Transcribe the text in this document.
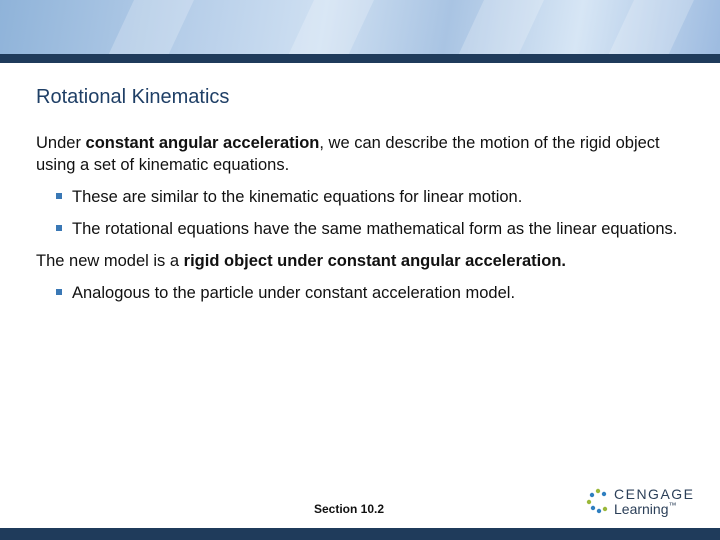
Rotational Kinematics

Under constant angular acceleration, we can describe the motion of the rigid object using a set of kinematic equations.

These are similar to the kinematic equations for linear motion.

The rotational equations have the same mathematical form as the linear equations.

The new model is a rigid object under constant angular acceleration.

Analogous to the particle under constant acceleration model.

Section 10.2
CENGAGE
Learning™
